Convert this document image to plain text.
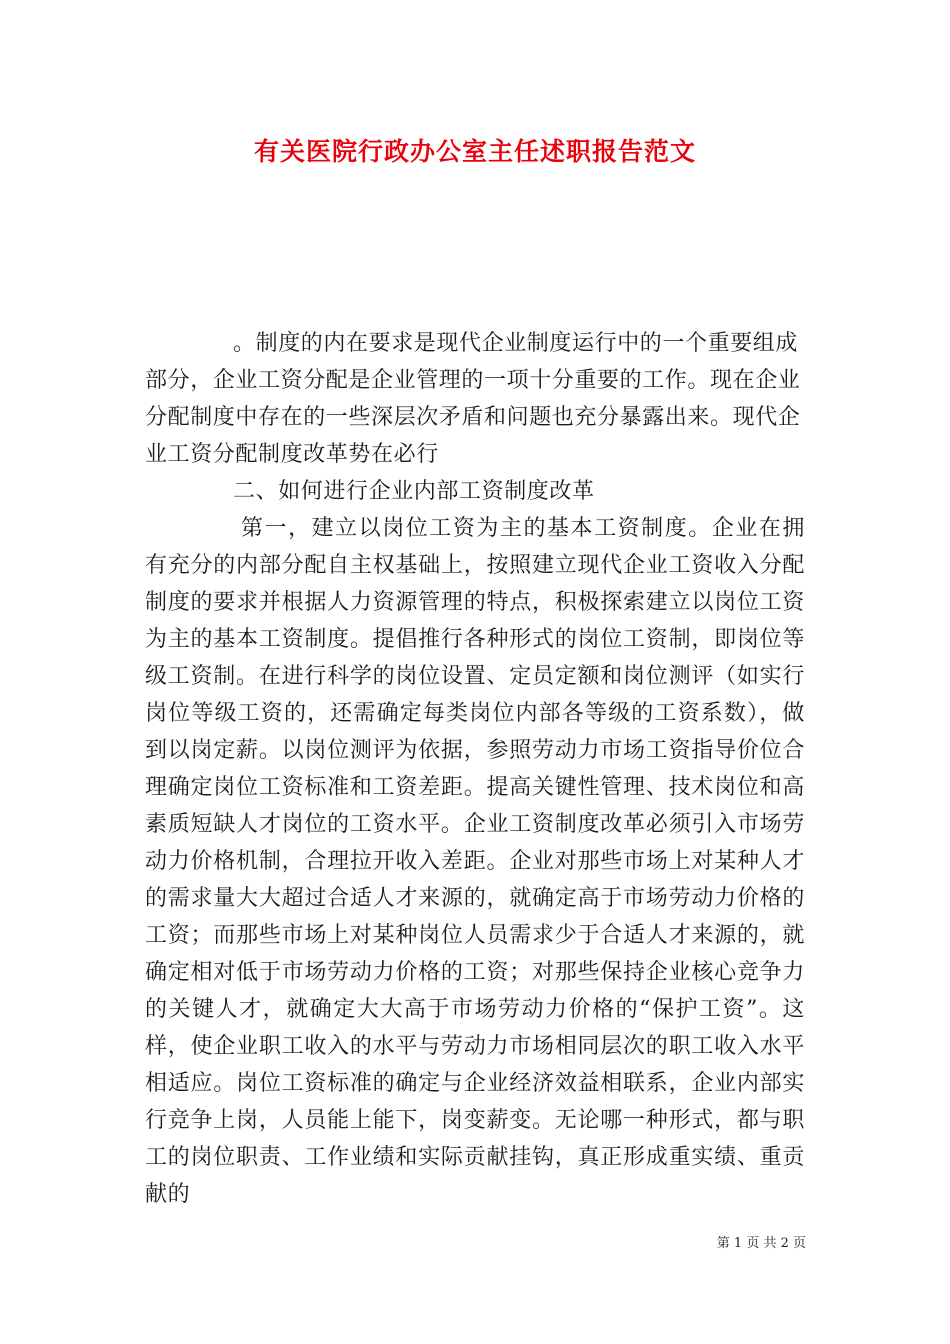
有关医院行政办公室主任述职报告范文

。制度的内在要求是现代企业制度运行中的一个重要组成部分，企业工资分配是企业管理的一项十分重要的工作。现在企业分配制度中存在的一些深层次矛盾和问题也充分暴露出来。现代企业工资分配制度改革势在必行

二、如何进行企业内部工资制度改革

第一，建立以岗位工资为主的基本工资制度。企业在拥有充分的内部分配自主权基础上，按照建立现代企业工资收入分配制度的要求并根据人力资源管理的特点，积极探索建立以岗位工资为主的基本工资制度。提倡推行各种形式的岗位工资制，即岗位等级工资制。在进行科学的岗位设置、定员定额和岗位测评（如实行岗位等级工资的，还需确定每类岗位内部各等级的工资系数），做到以岗定薪。以岗位测评为依据，参照劳动力市场工资指导价位合理确定岗位工资标准和工资差距。提高关键性管理、技术岗位和高素质短缺人才岗位的工资水平。企业工资制度改革必须引入市场劳动力价格机制，合理拉开收入差距。企业对那些市场上对某种人才的需求量大大超过合适人才来源的，就确定高于市场劳动力价格的工资；而那些市场上对某种岗位人员需求少于合适人才来源的，就确定相对低于市场劳动力价格的工资；对那些保持企业核心竞争力的关键人才，就确定大大高于市场劳动力价格的“保护工资”。这样，使企业职工收入的水平与劳动力市场相同层次的职工收入水平相适应。岗位工资标准的确定与企业经济效益相联系，企业内部实行竞争上岗，人员能上能下，岗变薪变。无论哪一种形式，都与职工的岗位职责、工作业绩和实际贡献挂钩，真正形成重实绩、重贡献的

第 1 页 共 2 页
